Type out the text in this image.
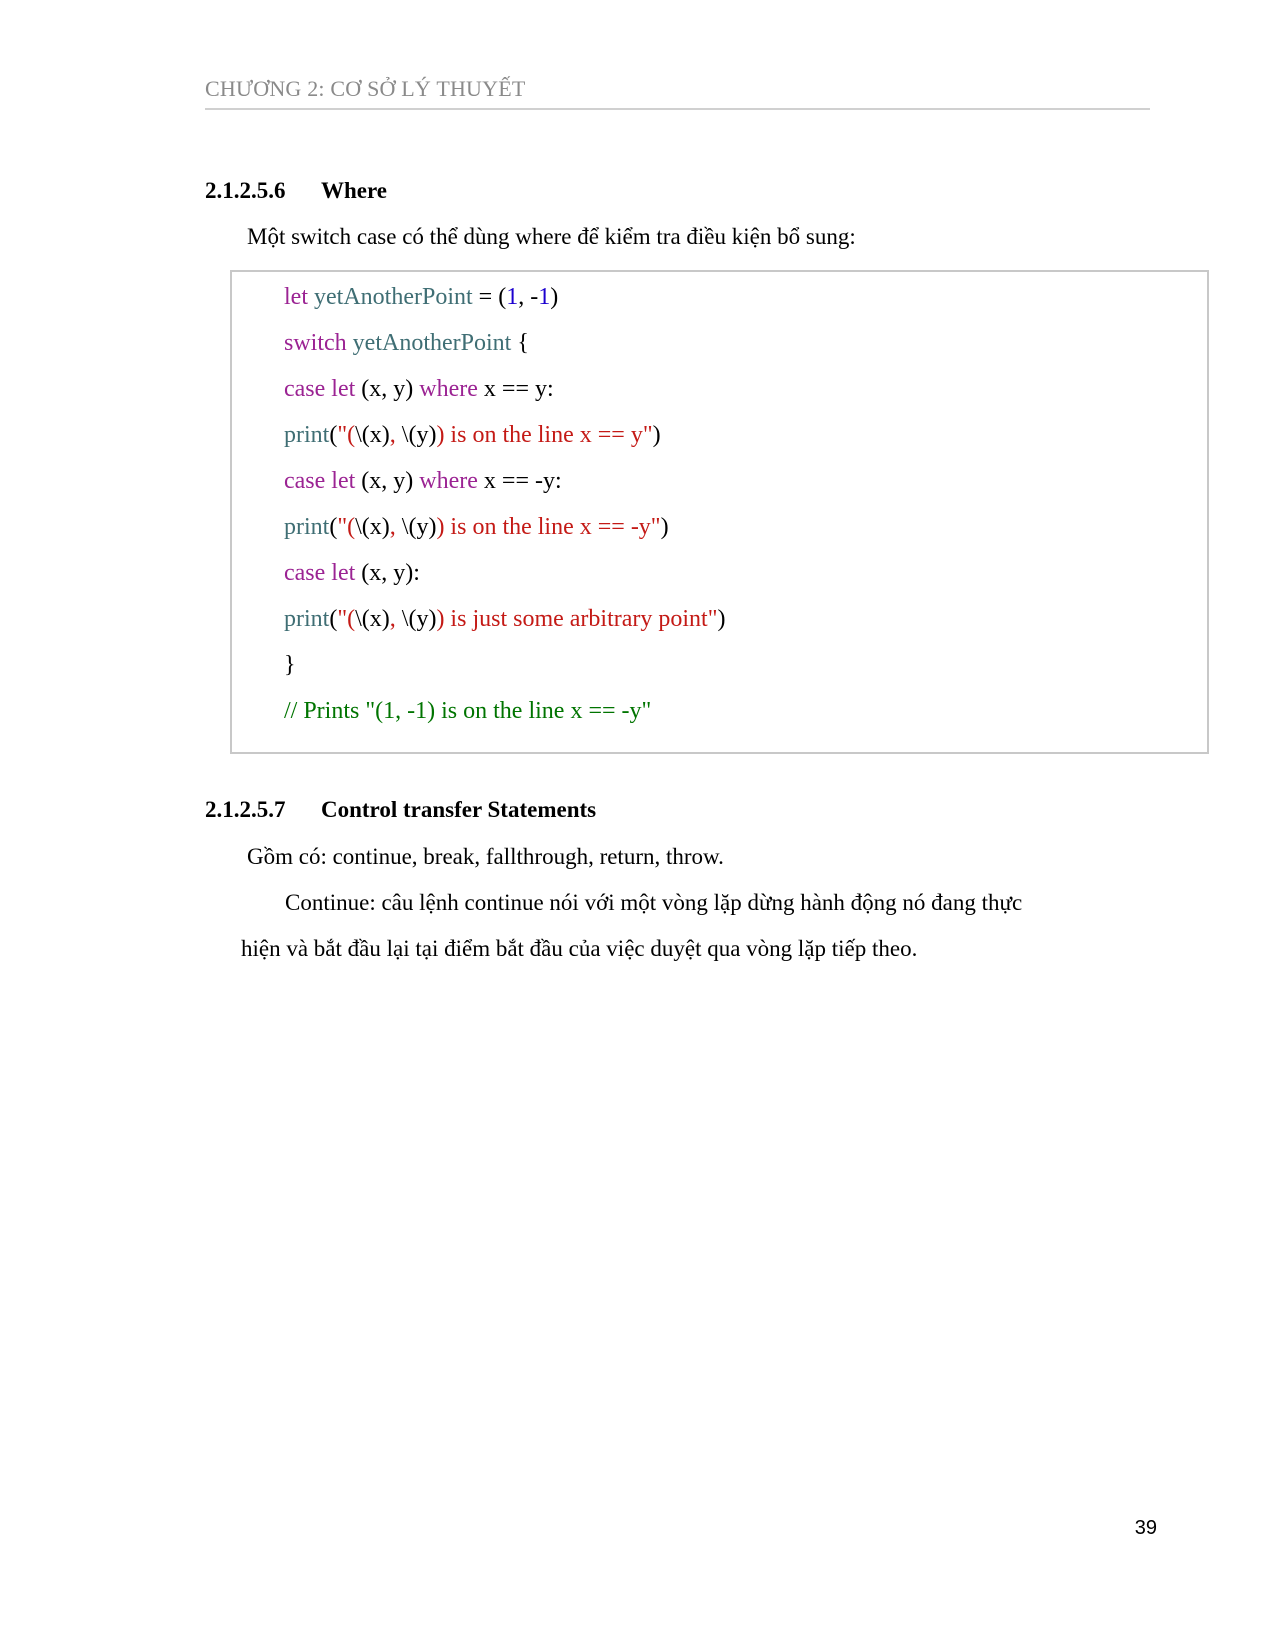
CHƯƠNG 2: CƠ SỞ LÝ THUYẾT
2.1.2.5.6 Where
Một switch case có thể dùng where để kiểm tra điều kiện bổ sung:
let yetAnotherPoint = (1, -1)
switch yetAnotherPoint {
case let (x, y) where x == y:
print("(\(x), \(y)) is on the line x == y")
case let (x, y) where x == -y:
print("(\(x), \(y)) is on the line x == -y")
case let (x, y):
print("(\(x), \(y)) is just some arbitrary point")
}
// Prints "(1, -1) is on the line x == -y"
2.1.2.5.7 Control transfer Statements
Gồm có: continue, break, fallthrough, return, throw.
Continue: câu lệnh continue nói với một vòng lặp dừng hành động nó đang thực
hiện và bắt đầu lại tại điểm bắt đầu của việc duyệt qua vòng lặp tiếp theo.
39
